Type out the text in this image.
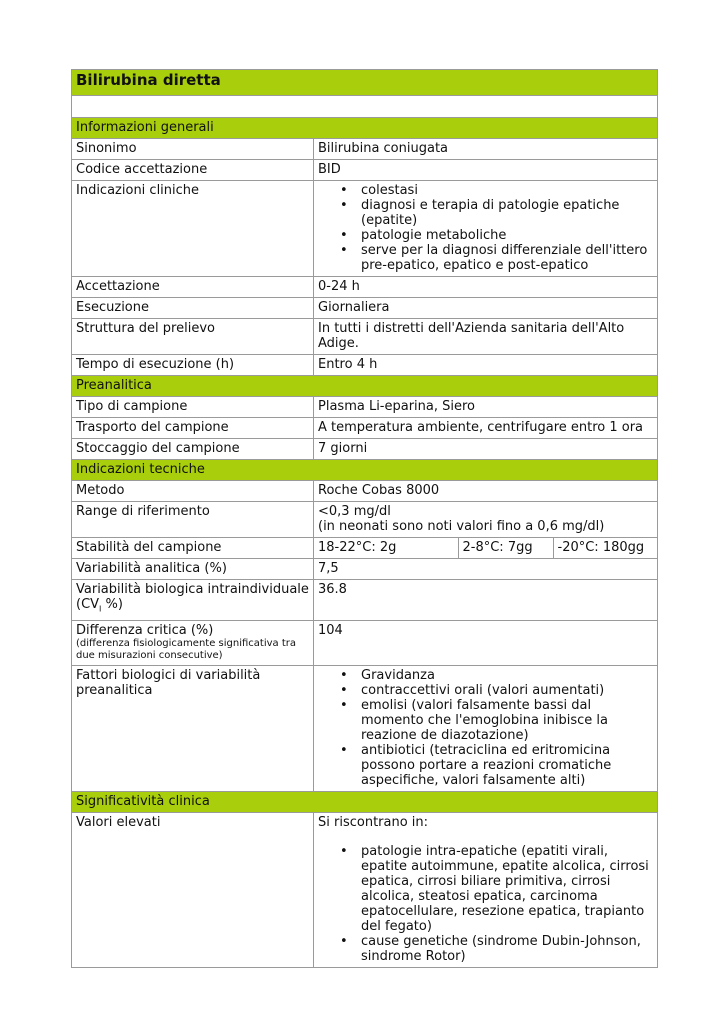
Bilirubina diretta

Informazioni generali
Sinonimo	Bilirubina coniugata
Codice accettazione	BID
Indicazioni cliniche	
•colestasi
• diagnosi e terapia di patologie epatiche (epatite)
• patologie metaboliche
• serve per la diagnosi differenziale dell'ittero pre-epatico, epatico e post-epatico

Accettazione	0-24 h
Esecuzione	Giornaliera
Struttura del prelievo	In tutti i distretti dell'Azienda sanitaria dell'Alto Adige.
Tempo di esecuzione (h)	Entro 4 h
Preanalitica
Tipo di campione	Plasma Li-eparina, Siero
Trasporto del campione	A temperatura ambiente, centrifugare entro 1 ora
Stoccaggio del campione	7 giorni
Indicazioni tecniche
Metodo	Roche Cobas 8000
Range di riferimento	<0,3 mg/dl
(in neonati sono noti valori fino a 0,6 mg/dl)

Stabilità del campione		18-22°C: 2g	2-8°C: 7gg	-20°C: 180gg

Variabilità analitica (%)	7,5
Variabilità biologica intraindividuale ($CV_I$ %)	36.8

Differenza critica (%)
(differenza fisiologicamente significativa tra due misurazioni consecutive)
	104
Fattori biologici di variabilità preanalitica	
• Gravidanza
• contraccettivi orali (valori aumentati)
• emolisi (valori falsamente bassi dal momento che l'emoglobina inibisce la reazione de diazotazione)
• antibiotici (tetraciclina ed eritromicina possono portare a reazioni cromatiche aspecifiche, valori falsamente alti)

Significatività clinica
Valori elevati	Si riscontrano in:
• patologie intra-epatiche (epatiti virali, epatite autoimmune, epatite alcolica, cirrosi epatica, cirrosi biliare primitiva, cirrosi alcolica, steatosi epatica, carcinoma epatocellulare, resezione epatica, trapianto del fegato)
• cause genetiche (sindrome Dubin-Johnson, sindrome Rotor)
